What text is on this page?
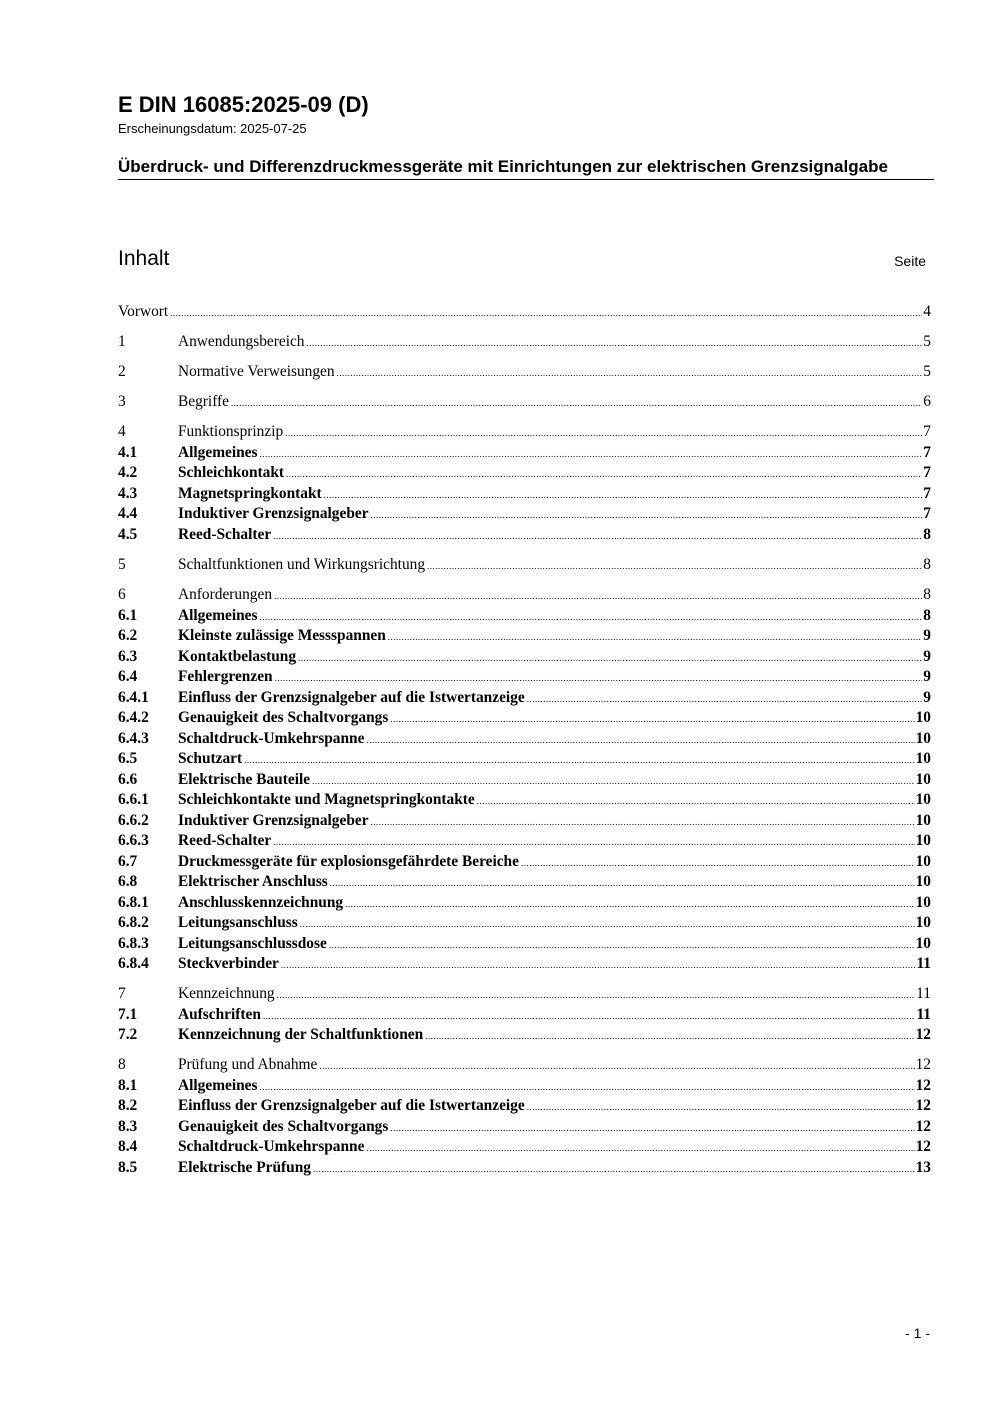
E DIN 16085:2025-09 (D)

Erscheinungsdatum: 2025-07-25

Überdruck- und Differenzdruckmessgeräte mit Einrichtungen zur elektrischen Grenzsignalgabe
Inhalt	Seite
Vorwort .....	4
1	Anwendungsbereich .....	5
2	Normative Verweisungen .....	5
3	Begriffe .....	6
4	Funktionsprinzip .....	7
4.1	Allgemeines .....	7
4.2	Schleichkontakt .....	7
4.3	Magnetspringkontakt .....	7
4.4	Induktiver Grenzsignalgeber .....	7
4.5	Reed-Schalter .....	8
5	Schaltfunktionen und Wirkungsrichtung .....	8
6	Anforderungen .....	8
6.1	Allgemeines .....	8
6.2	Kleinste zulässige Messspannen .....	9
6.3	Kontaktbelastung .....	9
6.4	Fehlergrenzen .....	9
6.4.1	Einfluss der Grenzsignalgeber auf die Istwertanzeige .....	9
6.4.2	Genauigkeit des Schaltvorgangs .....	10
6.4.3	Schaltdruck-Umkehrspanne .....	10
6.5	Schutzart .....	10
6.6	Elektrische Bauteile .....	10
6.6.1	Schleichkontakte und Magnetspringkontakte .....	10
6.6.2	Induktiver Grenzsignalgeber .....	10
6.6.3	Reed-Schalter .....	10
6.7	Druckmessgeräte für explosionsgefährdete Bereiche .....	10
6.8	Elektrischer Anschluss .....	10
6.8.1	Anschlusskennzeichnung .....	10
6.8.2	Leitungsanschluss .....	10
6.8.3	Leitungsanschlussdose .....	10
6.8.4	Steckverbinder .....	11
7	Kennzeichnung .....	11
7.1	Aufschriften .....	11
7.2	Kennzeichnung der Schaltfunktionen .....	12
8	Prüfung und Abnahme .....	12
8.1	Allgemeines .....	12
8.2	Einfluss der Grenzsignalgeber auf die Istwertanzeige .....	12
8.3	Genauigkeit des Schaltvorgangs .....	12
8.4	Schaltdruck-Umkehrspanne .....	12
8.5	Elektrische Prüfung .....	13
- 1 -
